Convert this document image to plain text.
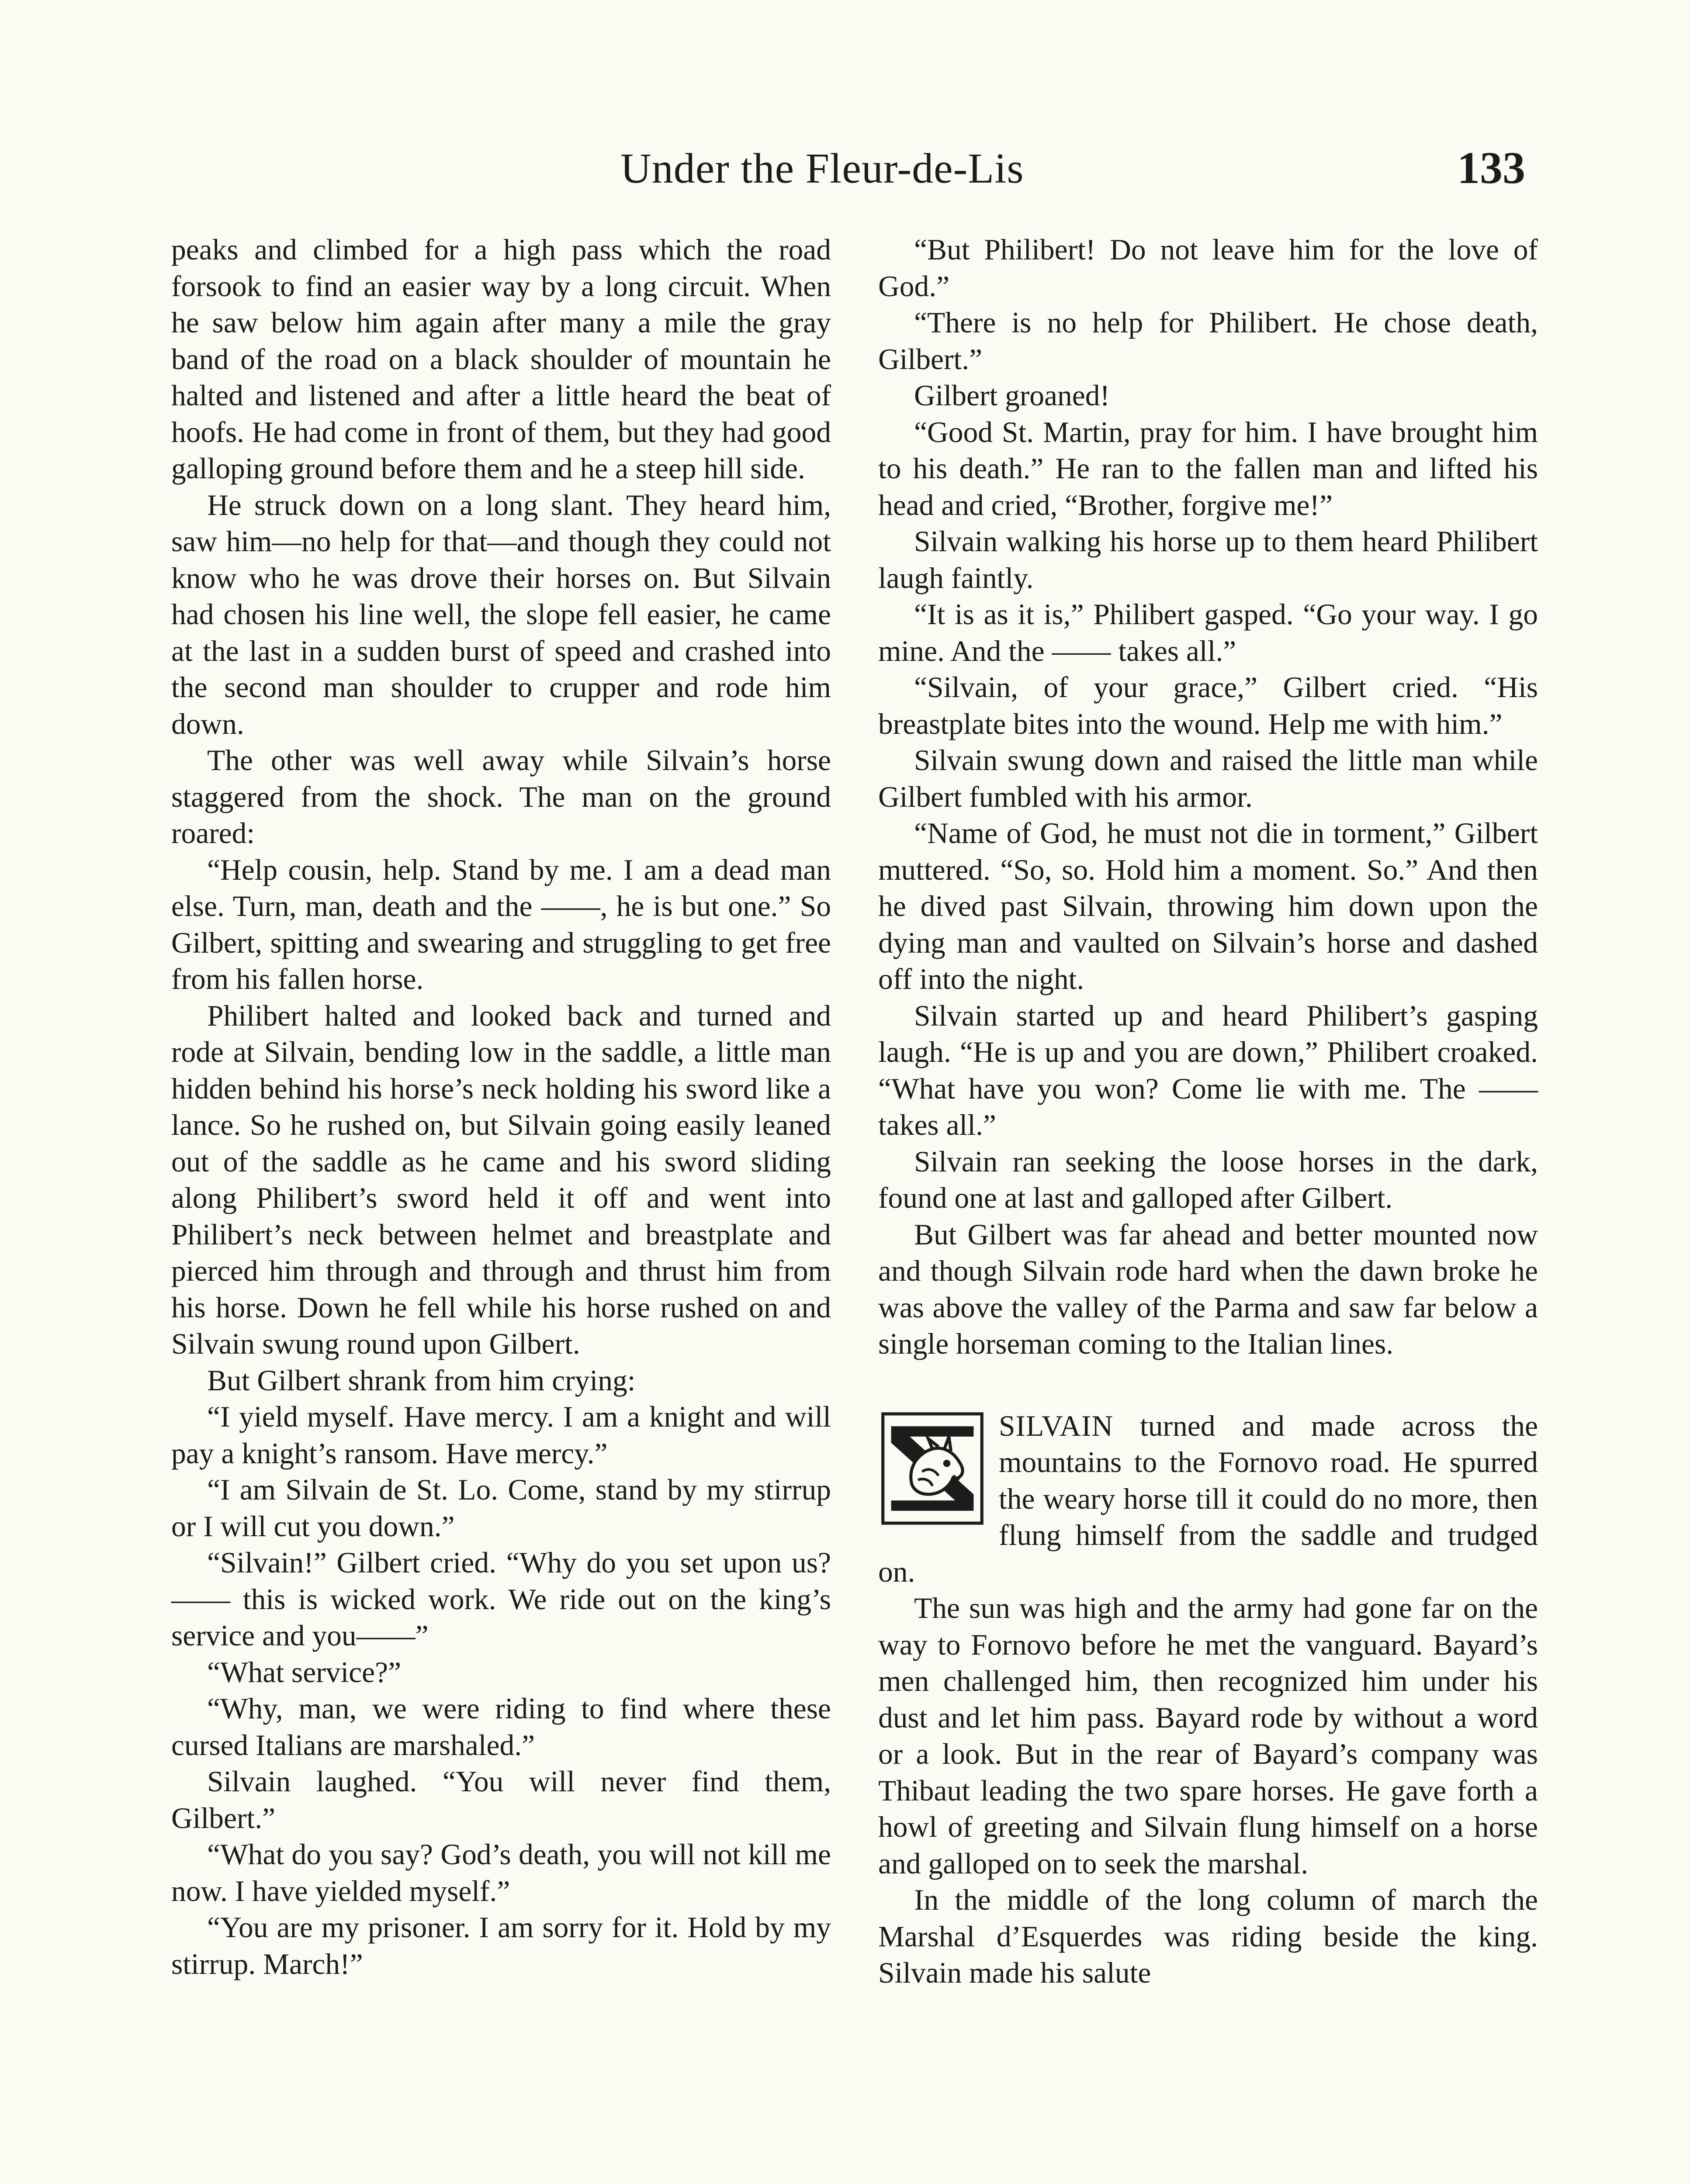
Under the Fleur-de-Lis	133

peaks and climbed for a high pass which the road forsook to find an easier way by a long circuit. When he saw below him again after many a mile the gray band of the road on a black shoulder of mountain he halted and listened and after a little heard the beat of hoofs. He had come in front of them, but they had good galloping ground before them and he a steep hill side.

He struck down on a long slant. They heard him, saw him—no help for that—and though they could not know who he was drove their horses on. But Silvain had chosen his line well, the slope fell easier, he came at the last in a sudden burst of speed and crashed into the second man shoulder to crupper and rode him down.

The other was well away while Silvain’s horse staggered from the shock. The man on the ground roared:

“Help cousin, help. Stand by me. I am a dead man else. Turn, man, death and the ——, he is but one.” So Gilbert, spitting and swearing and struggling to get free from his fallen horse.

Philibert halted and looked back and turned and rode at Silvain, bending low in the saddle, a little man hidden behind his horse’s neck holding his sword like a lance. So he rushed on, but Silvain going easily leaned out of the saddle as he came and his sword sliding along Philibert’s sword held it off and went into Philibert’s neck between helmet and breastplate and pierced him through and through and thrust him from his horse. Down he fell while his horse rushed on and Silvain swung round upon Gilbert.

But Gilbert shrank from him crying:

“I yield myself. Have mercy. I am a knight and will pay a knight’s ransom. Have mercy.”

“I am Silvain de St. Lo. Come, stand by my stirrup or I will cut you down.”

“Silvain!” Gilbert cried. “Why do you set upon us? —— this is wicked work. We ride out on the king’s service and you——”

“What service?”

“Why, man, we were riding to find where these cursed Italians are marshaled.”

Silvain laughed. “You will never find them, Gilbert.”

“What do you say? God’s death, you will not kill me now. I have yielded myself.”

“You are my prisoner. I am sorry for it. Hold by my stirrup. March!”

“But Philibert! Do not leave him for the love of God.”

“There is no help for Philibert. He chose death, Gilbert.”

Gilbert groaned!

“Good St. Martin, pray for him. I have brought him to his death.” He ran to the fallen man and lifted his head and cried, “Brother, forgive me!”

Silvain walking his horse up to them heard Philibert laugh faintly.

“It is as it is,” Philibert gasped. “Go your way. I go mine. And the —— takes all.”

“Silvain, of your grace,” Gilbert cried. “His breastplate bites into the wound. Help me with him.”

Silvain swung down and raised the little man while Gilbert fumbled with his armor.

“Name of God, he must not die in torment,” Gilbert muttered. “So, so. Hold him a moment. So.” And then he dived past Silvain, throwing him down upon the dying man and vaulted on Silvain’s horse and dashed off into the night.

Silvain started up and heard Philibert’s gasping laugh. “He is up and you are down,” Philibert croaked. “What have you won? Come lie with me. The —— takes all.”

Silvain ran seeking the loose horses in the dark, found one at last and galloped after Gilbert.

But Gilbert was far ahead and better mounted now and though Silvain rode hard when the dawn broke he was above the valley of the Parma and saw far below a single horseman coming to the Italian lines.

SILVAIN turned and made across the mountains to the Fornovo road. He spurred the weary horse till it could do no more, then flung himself from the saddle and trudged on.

The sun was high and the army had gone far on the way to Fornovo before he met the vanguard. Bayard’s men challenged him, then recognized him under his dust and let him pass. Bayard rode by without a word or a look. But in the rear of Bayard’s company was Thibaut leading the two spare horses. He gave forth a howl of greeting and Silvain flung himself on a horse and galloped on to seek the marshal.

In the middle of the long column of march the Marshal d’Esquerdes was riding beside the king. Silvain made his salute
